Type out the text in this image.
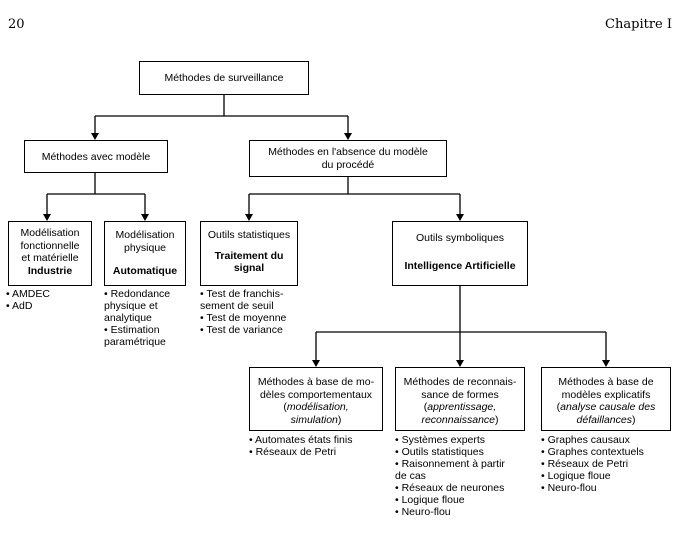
20	Chapitre I
Méthodes de surveillance
Méthodes avec modèle	Méthodes en l'absence du modèle
du procédé
Modélisation
fonctionnelle
et matérielle
Industrie
• AMDEC
• AdD
Modélisation
physique
Automatique
• Redondance physique et analytique
• Estimation paramétrique
Outils statistiques
Traitement du
signal
• Test de franchis-sement de seuil
• Test de moyenne
• Test de variance
Outils symboliques
Intelligence Artificielle
Méthodes à base de mo-
dèles comportementaux
(modélisation,
simulation)
• Automates états finis
• Réseaux de Petri
Méthodes de reconnais-
sance de formes
(apprentissage,
reconnaissance)
• Systèmes experts
• Outils statistiques
• Raisonnement à partir de cas
• Réseaux de neurones
• Logique floue
• Neuro-flou
Méthodes à base de
modèles explicatifs
(analyse causale des
défaillances)
• Graphes causaux
• Graphes contextuels
• Réseaux de Petri
• Logique floue
• Neuro-flou
